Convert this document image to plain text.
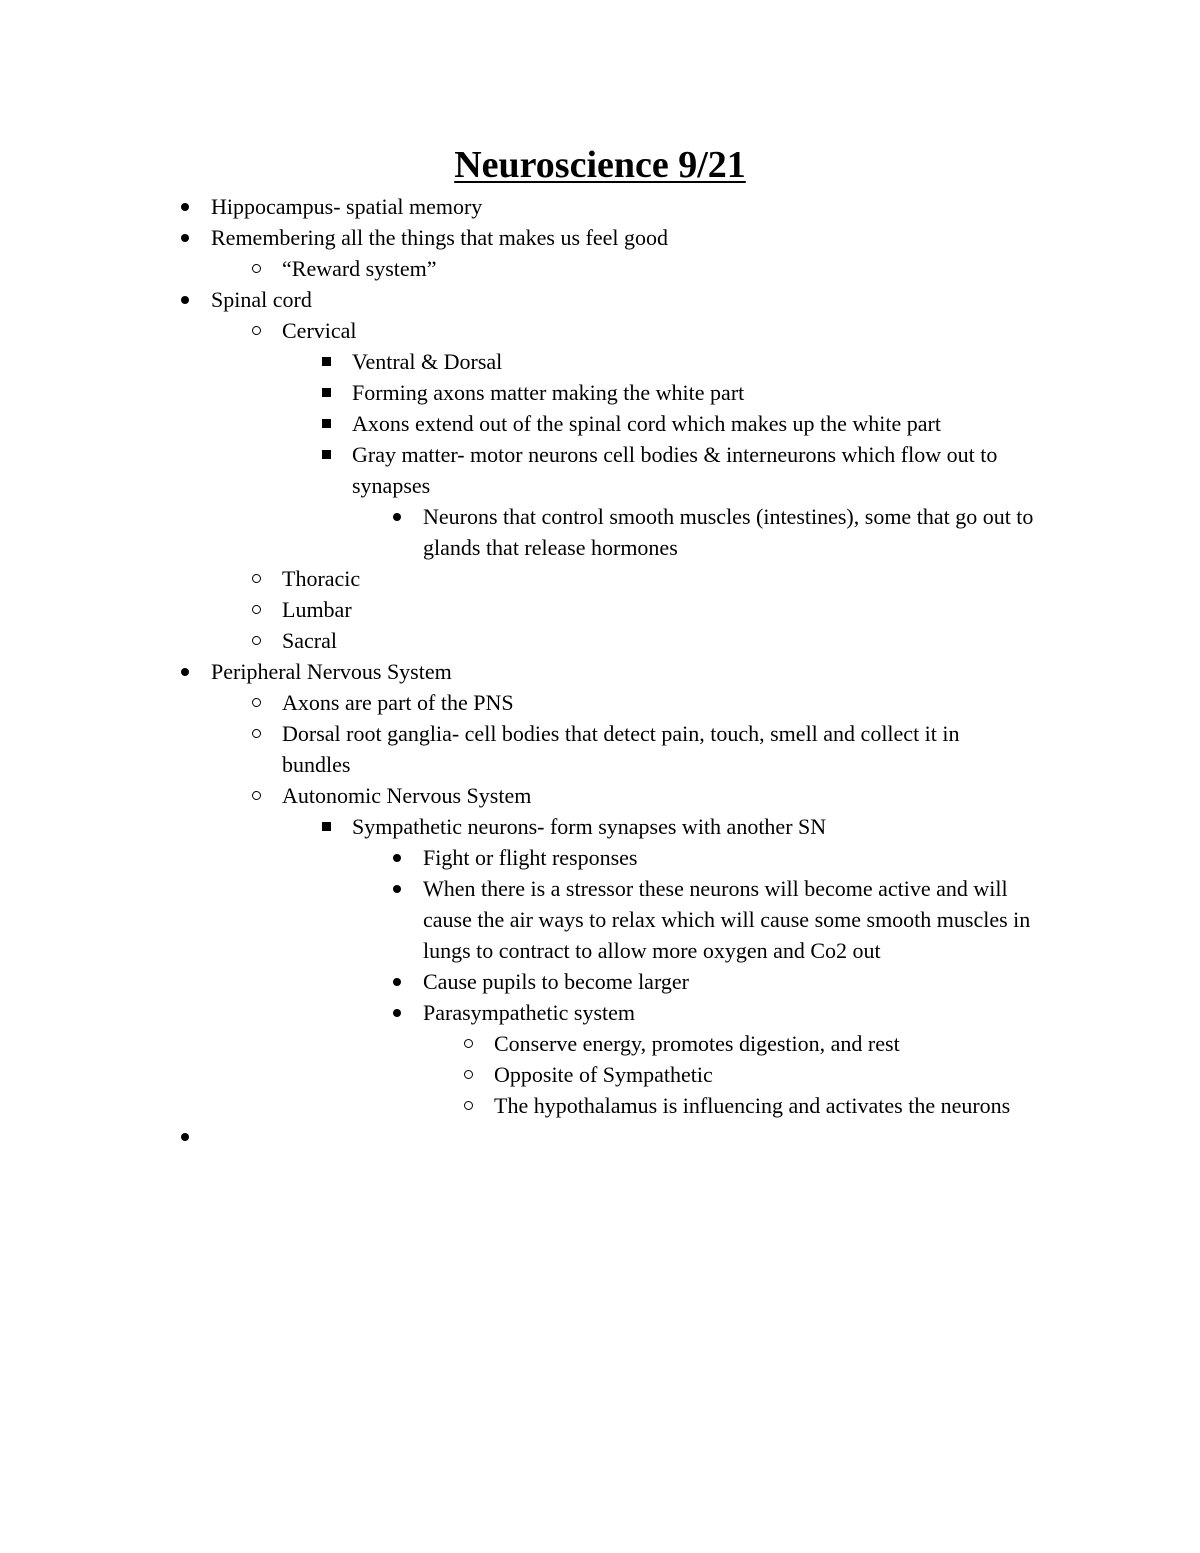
Neuroscience 9/21
Hippocampus- spatial memory
Remembering all the things that makes us feel good
“Reward system”
Spinal cord
Cervical
Ventral & Dorsal
Forming axons matter making the white part
Axons extend out of the spinal cord which makes up the white part
Gray matter- motor neurons cell bodies & interneurons which flow out to synapses
Neurons that control smooth muscles (intestines), some that go out to glands that release hormones
Thoracic
Lumbar
Sacral
Peripheral Nervous System
Axons are part of the PNS
Dorsal root ganglia- cell bodies that detect pain, touch, smell and collect it in bundles
Autonomic Nervous System
Sympathetic neurons- form synapses with another SN
Fight or flight responses
When there is a stressor these neurons will become active and will cause the air ways to relax which will cause some smooth muscles in lungs to contract to allow more oxygen and Co2 out
Cause pupils to become larger
Parasympathetic system
Conserve energy, promotes digestion, and rest
Opposite of Sympathetic
The hypothalamus is influencing and activates the neurons
